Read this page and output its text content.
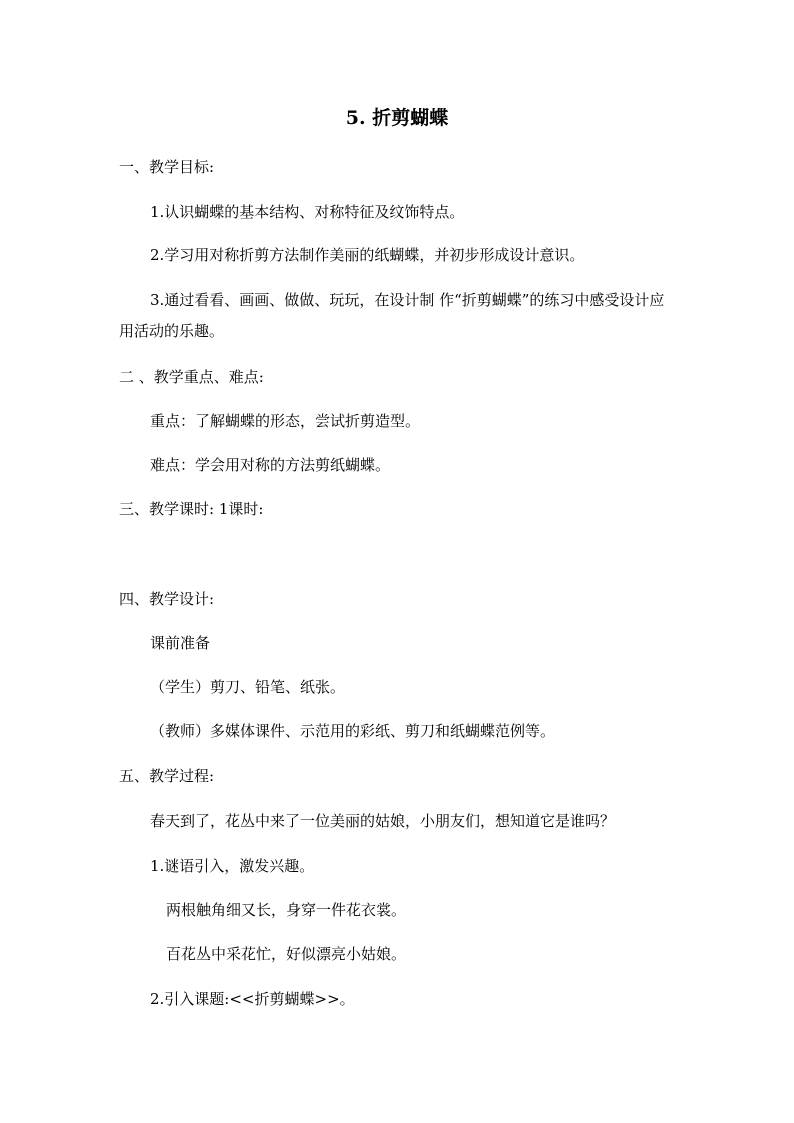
5. 折剪蝴蝶
一、教学目标:
1.认识蝴蝶的基本结构、对称特征及纹饰特点。
2.学习用对称折剪方法制作美丽的纸蝴蝶，并初步形成设计意识。
3.通过看看、画画、做做、玩玩，在设计制 作“折剪蝴蝶”的练习中感受设计应用活动的乐趣。
二 、教学重点、难点:
重点：了解蝴蝶的形态，尝试折剪造型。
难点：学会用对称的方法剪纸蝴蝶。
三、教学课时: 1课时:
四、教学设计:
课前准备
（学生）剪刀、铅笔、纸张。
（教师）多媒体课件、示范用的彩纸、剪刀和纸蝴蝶范例等。
五、教学过程:
春天到了，花丛中来了一位美丽的姑娘，小朋友们，想知道它是谁吗？
1.谜语引入，激发兴趣。
两根触角细又长，身穿一件花衣裳。
百花丛中采花忙，好似漂亮小姑娘。
2.引入课题:<<折剪蝴蝶>>。
